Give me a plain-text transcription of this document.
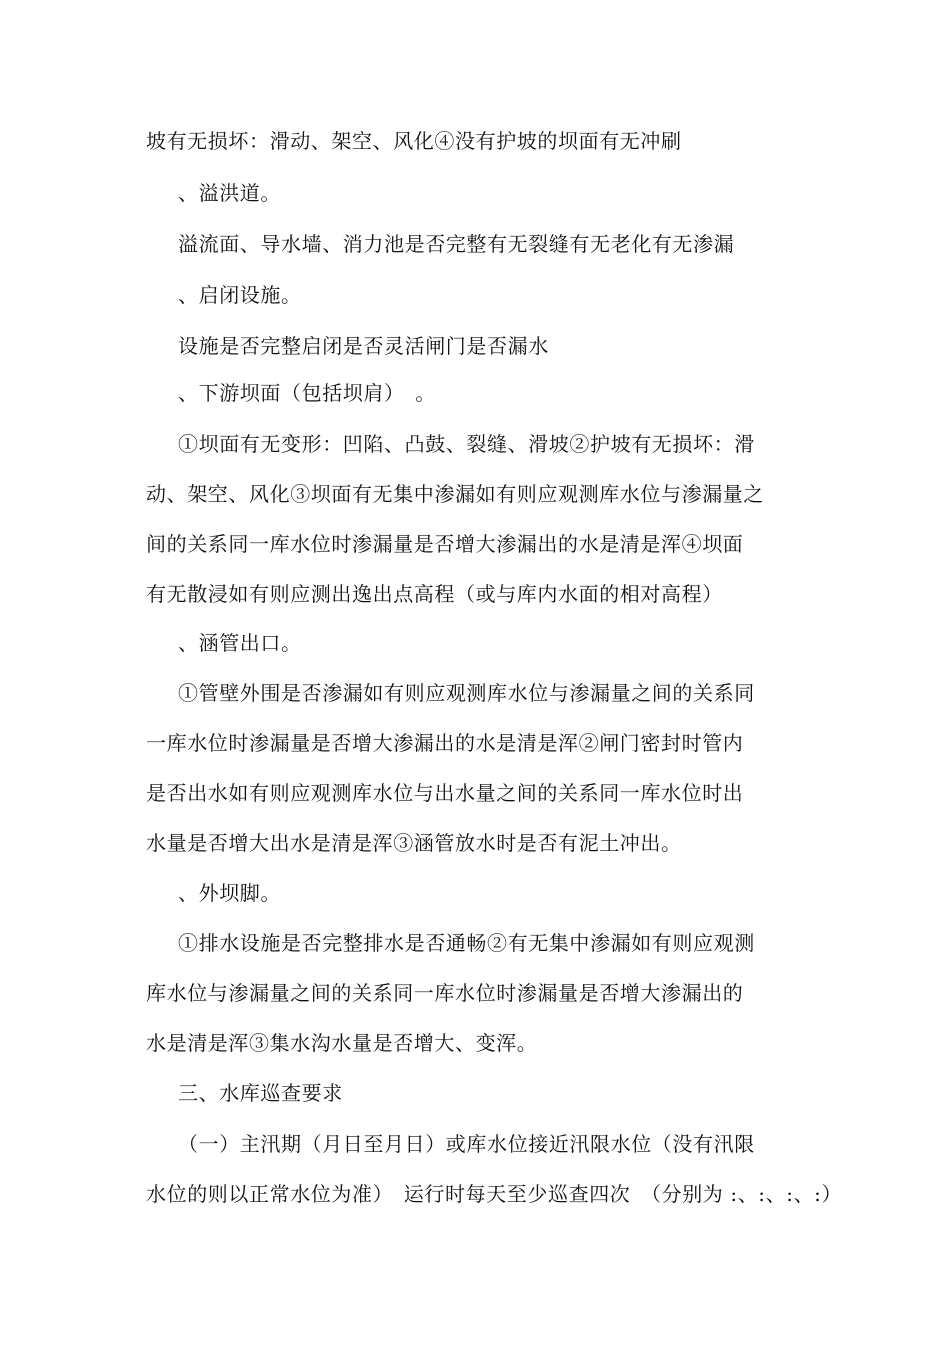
坡有无损坏：滑动、架空、风化④没有护坡的坝面有无冲刷
、溢洪道。
溢流面、导水墙、消力池是否完整有无裂缝有无老化有无渗漏
、启闭设施。
设施是否完整启闭是否灵活闸门是否漏水
、下游坝面（包括坝肩）　。
①坝面有无变形：凹陷、凸鼓、裂缝、滑坡②护坡有无损坏：滑
动、架空、风化③坝面有无集中渗漏如有则应观测库水位与渗漏量之
间的关系同一库水位时渗漏量是否增大渗漏出的水是清是浑④坝面
有无散浸如有则应测出逸出点高程（或与库内水面的相对高程）
、涵管出口。
①管壁外围是否渗漏如有则应观测库水位与渗漏量之间的关系同
一库水位时渗漏量是否增大渗漏出的水是清是浑②闸门密封时管内
是否出水如有则应观测库水位与出水量之间的关系同一库水位时出
水量是否增大出水是清是浑③涵管放水时是否有泥土冲出。
、外坝脚。
①排水设施是否完整排水是否通畅②有无集中渗漏如有则应观测
库水位与渗漏量之间的关系同一库水位时渗漏量是否增大渗漏出的
水是清是浑③集水沟水量是否增大、变浑。
三、水库巡查要求
（一）主汛期（月日至月日）或库水位接近汛限水位（没有汛限
水位的则以正常水位为准）　运行时每天至少巡查四次　（分别为 :、:、:、:）
